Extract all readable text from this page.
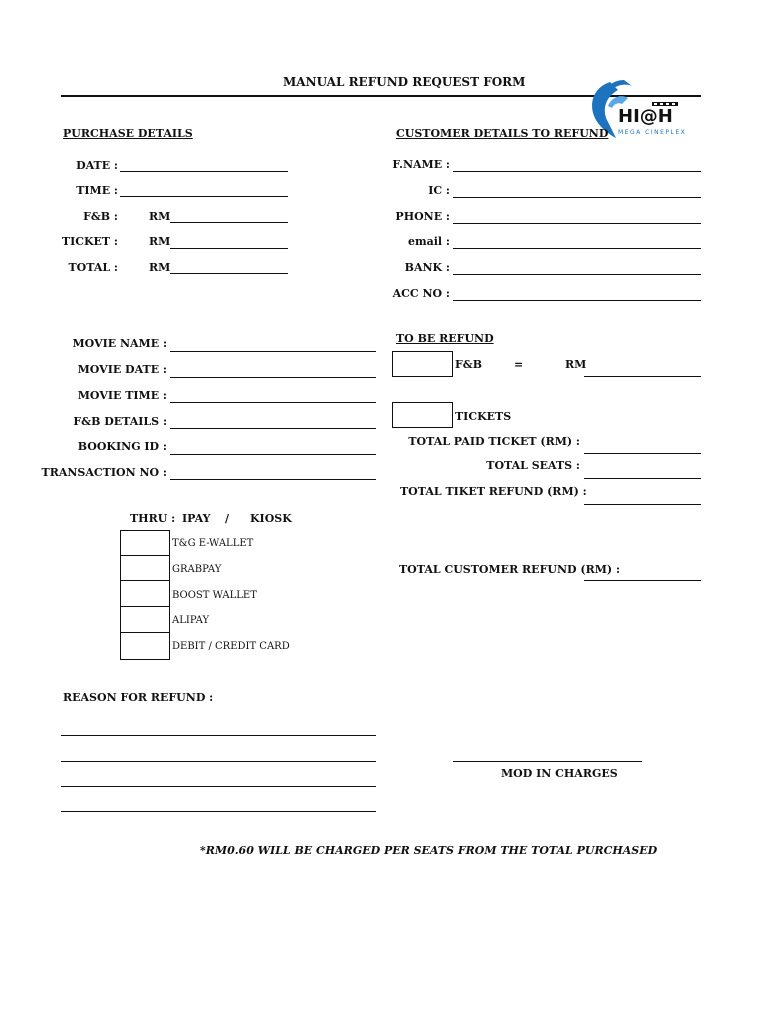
MANUAL REFUND REQUEST FORM
HI@H
MEGA CINEPLEX
PURCHASE DETAILS
DATE :
TIME :
F&B :	RM
TICKET :	RM
TOTAL :	RM
CUSTOMER DETAILS TO REFUND
F.NAME :
IC :
PHONE :
email :
BANK :
ACC NO :
MOVIE NAME :
MOVIE DATE :
MOVIE TIME :
F&B DETAILS :
BOOKING ID :
TRANSACTION NO :
TO BE REFUND
F&B	=	RM
TICKETS
TOTAL PAID TICKET (RM) :
TOTAL SEATS :
TOTAL TIKET REFUND (RM) :
THRU : IPAY / KIOSK
T&G E-WALLET
GRABPAY
BOOST WALLET
ALIPAY
DEBIT / CREDIT CARD
TOTAL CUSTOMER REFUND (RM) :
REASON FOR REFUND :
MOD IN CHARGES
*RM0.60 WILL BE CHARGED PER SEATS FROM THE TOTAL PURCHASED
